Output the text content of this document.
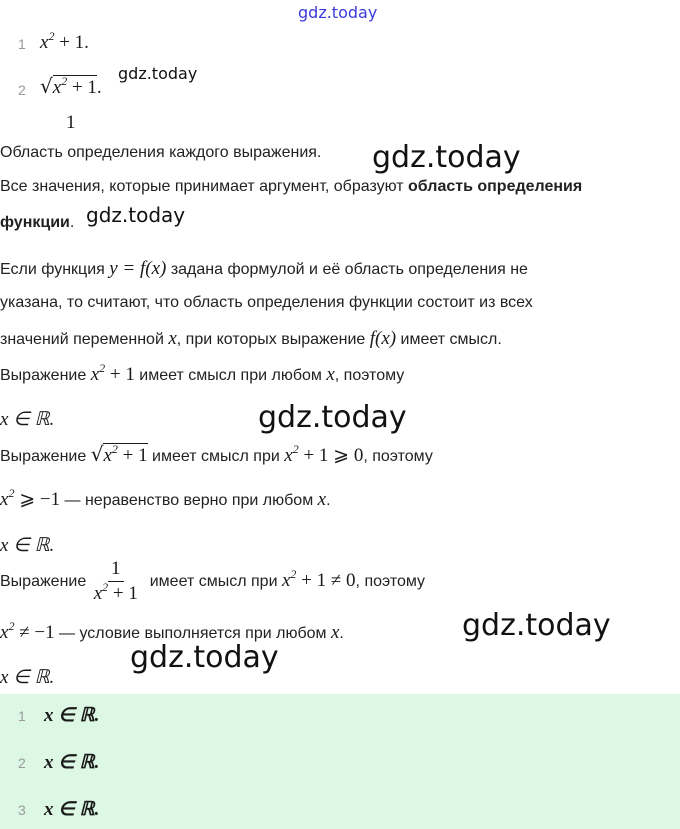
gdz.today
gdz.today
gdz.today
gdz.today
gdz.today
gdz.today
gdz.today
1 $x^2 + 1$.
2 $√x^2 + 1$.
1
Область определения каждого выражения.
Все значения, которые принимает аргумент, образуют область определения
функции.
Если функция y = f(x) задана формулой и её область определения не
указана, то считают, что область определения функции состоит из всех
значений переменной x, при которых выражение f(x) имеет смысл.
Выражение $x^2 + 1$ имеет смысл при любом x, поэтому
x ∈ ℝ.
Выражение $√x^2 + 1$ имеет смысл при $x^2 + 1$ ⩾ 0, поэтому
$x^2$ ⩾ −1 — неравенство верно при любом x.
x ∈ ℝ.
Выражение $\frac{1}{x^2 + 1}$ имеет смысл при $x^2 + 1 \ne 0$, поэтому
$x^2 \ne -1$ — условие выполняется при любом x.
x ∈ ℝ.
1 x ∈ ℝ.
2 x ∈ ℝ.
3 x ∈ ℝ.
